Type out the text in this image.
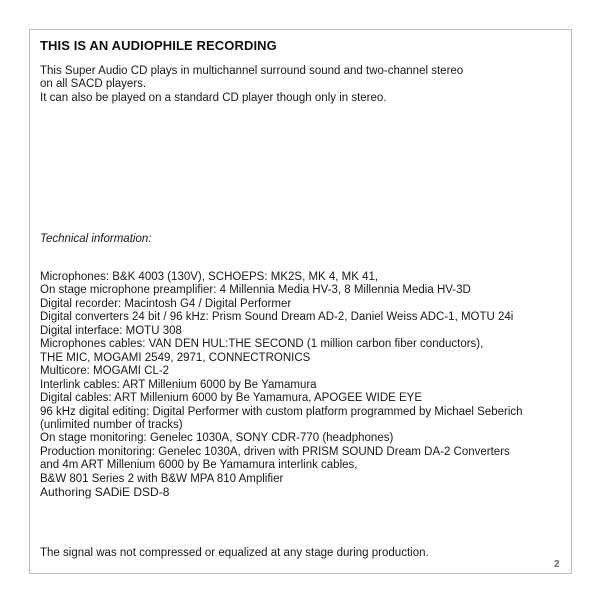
THIS IS AN AUDIOPHILE RECORDING

This Super Audio CD plays in multichannel surround sound and two-channel stereo
on all SACD players.
It can also be played on a standard CD player though only in stereo.

Technical information:

Microphones: B&K 4003 (130V), SCHOEPS: MK2S, MK 4, MK 41,
On stage microphone preamplifier: 4 Millennia Media HV-3, 8 Millennia Media HV-3D
Digital recorder: Macintosh G4 / Digital Performer
Digital converters 24 bit / 96 kHz: Prism Sound Dream AD-2, Daniel Weiss ADC-1, MOTU 24i
Digital interface: MOTU 308
Microphones cables: VAN DEN HUL:THE SECOND (1 million carbon fiber conductors),
THE MIC, MOGAMI 2549, 2971, CONNECTRONICS
Multicore: MOGAMI CL-2
Interlink cables: ART Millenium 6000 by Be Yamamura
Digital cables: ART Millenium 6000 by Be Yamamura, APOGEE WIDE EYE
96 kHz digital editing: Digital Performer with custom platform programmed by Michael Seberich
(unlimited number of tracks)
On stage monitoring: Genelec 1030A, SONY CDR-770 (headphones)
Production monitoring: Genelec 1030A, driven with PRISM SOUND Dream DA-2 Converters
and 4m ART Millenium 6000 by Be Yamamura interlink cables,
B&W 801 Series 2 with B&W MPA 810 Amplifier

Authoring SADiE DSD-8

The signal was not compressed or equalized at any stage during production.

2
